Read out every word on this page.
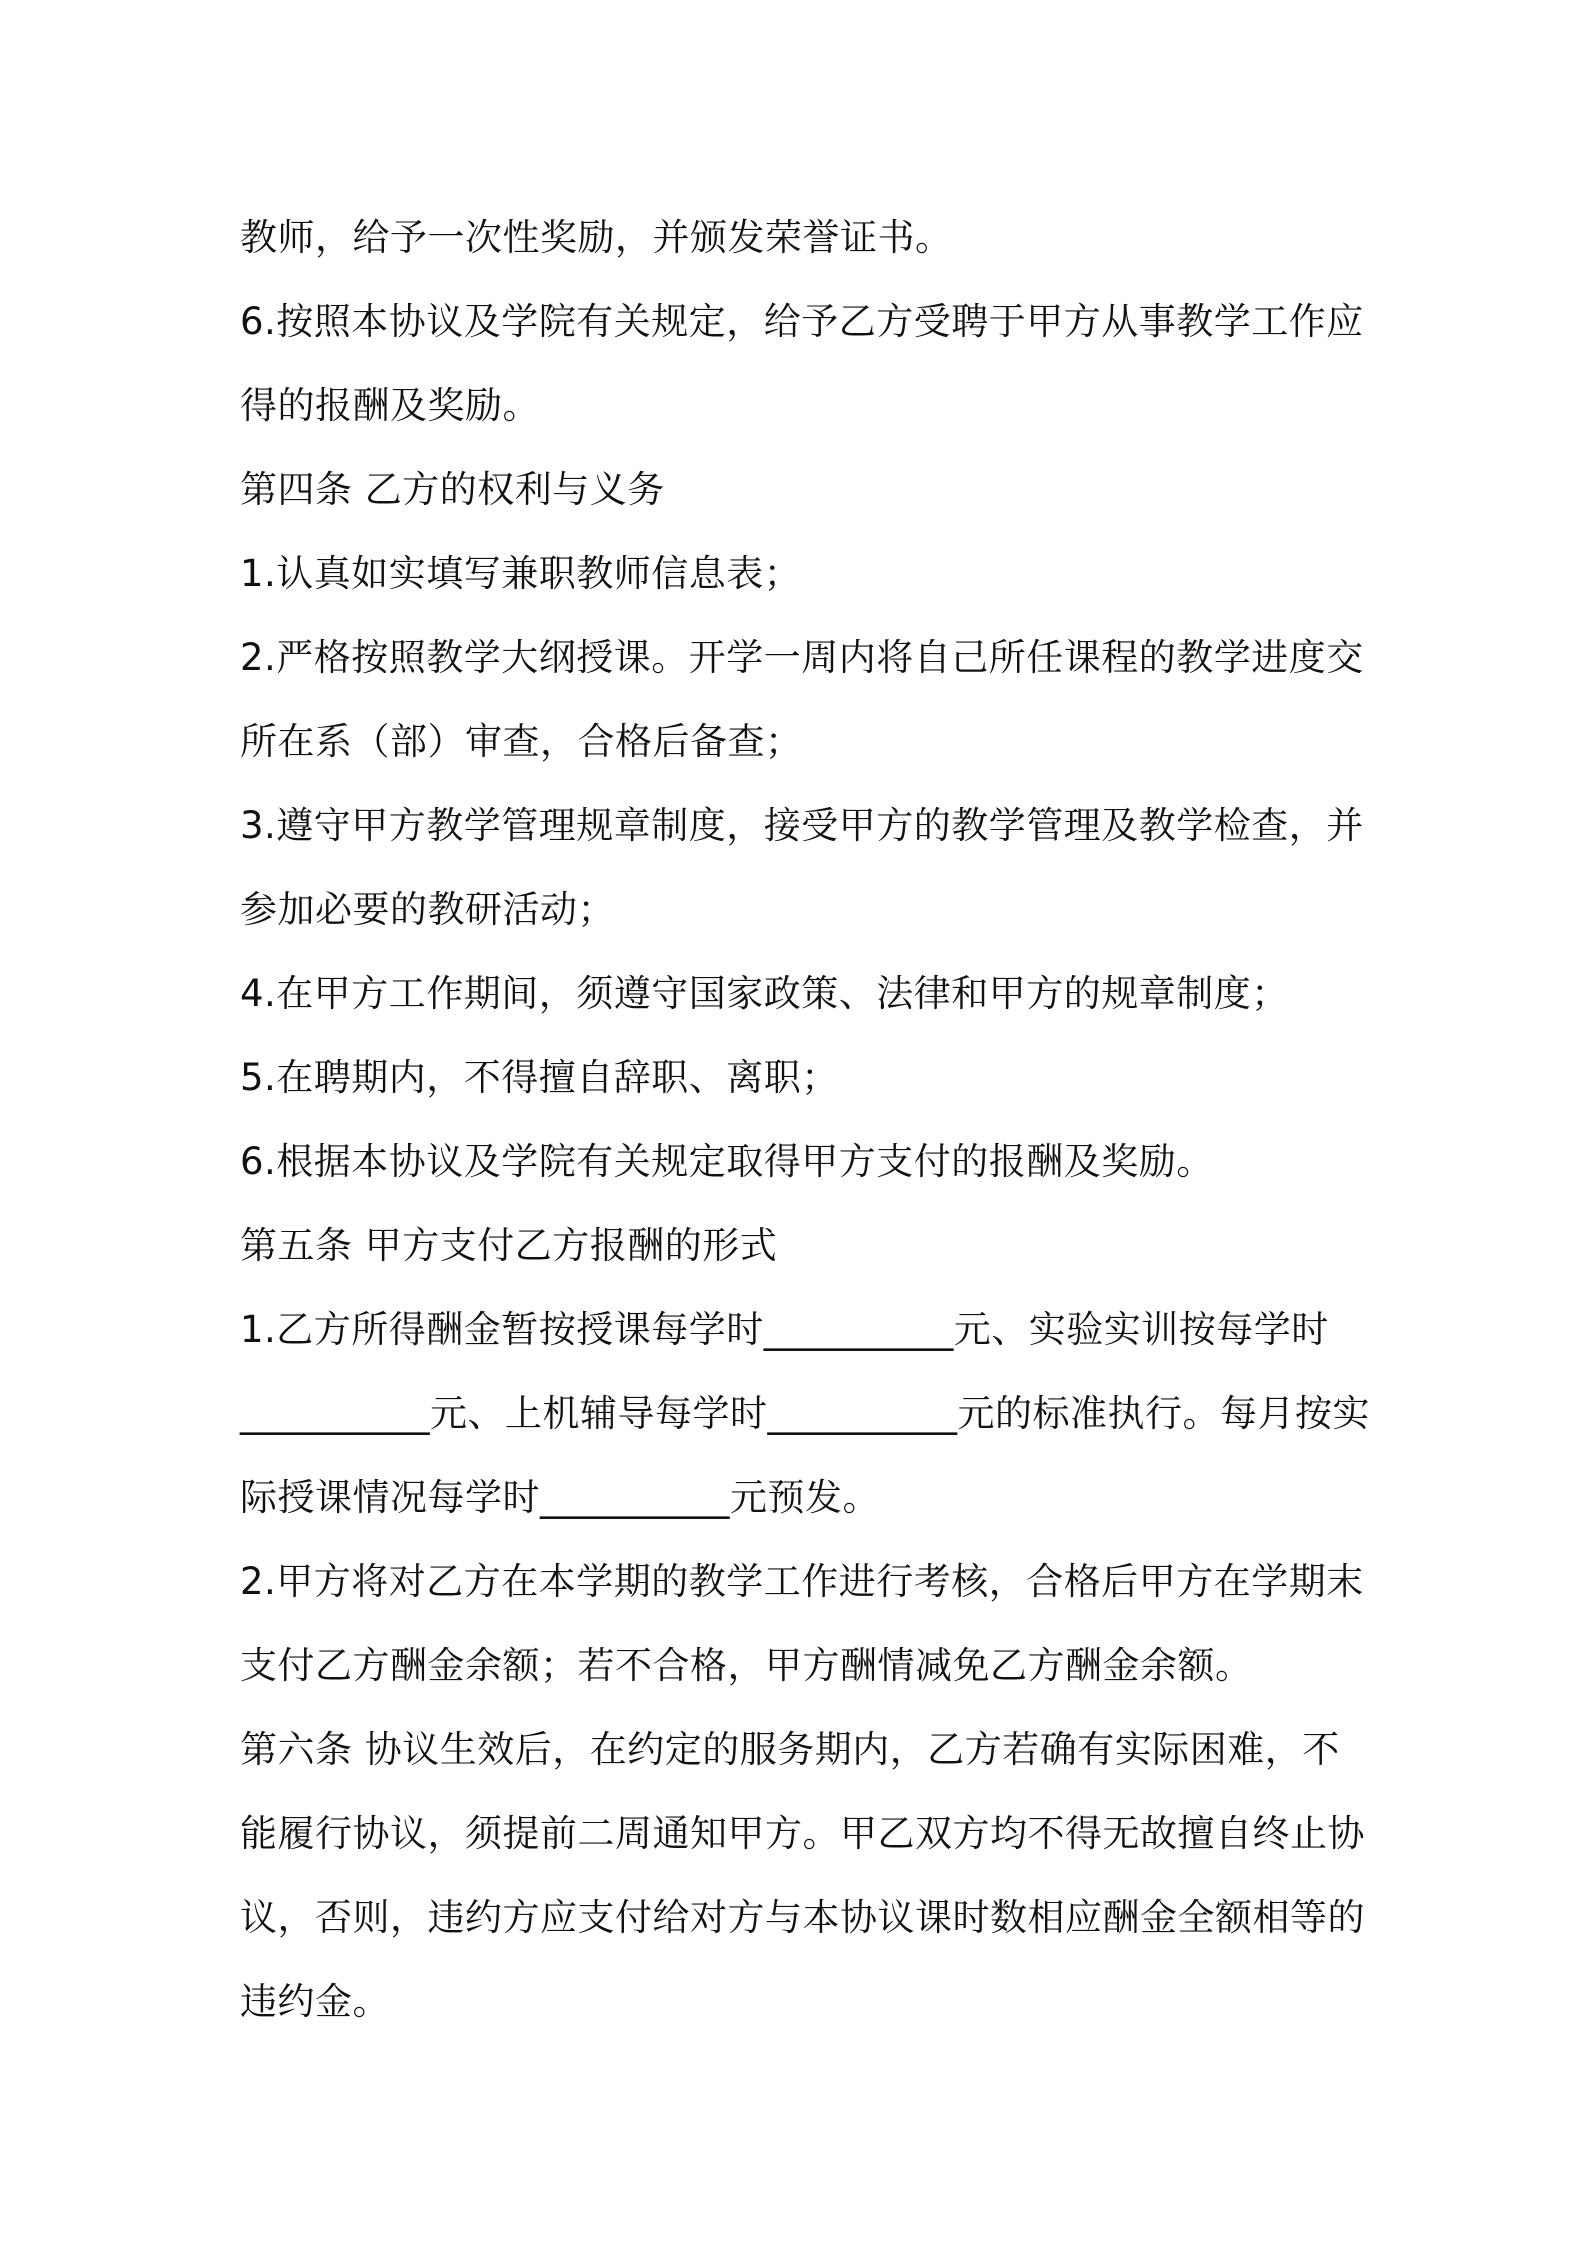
教师，给予一次性奖励，并颁发荣誉证书。
6.按照本协议及学院有关规定，给予乙方受聘于甲方从事教学工作应
得的报酬及奖励。
第四条 乙方的权利与义务
1.认真如实填写兼职教师信息表；
2.严格按照教学大纲授课。开学一周内将自己所任课程的教学进度交
所在系（部）审查，合格后备查；
3.遵守甲方教学管理规章制度，接受甲方的教学管理及教学检查，并
参加必要的教研活动；
4.在甲方工作期间，须遵守国家政策、法律和甲方的规章制度；
5.在聘期内，不得擅自辞职、离职；
6.根据本协议及学院有关规定取得甲方支付的报酬及奖励。
第五条 甲方支付乙方报酬的形式
1.乙方所得酬金暂按授课每学时__________元、实验实训按每学时
__________元、上机辅导每学时__________元的标准执行。每月按实
际授课情况每学时__________元预发。
2.甲方将对乙方在本学期的教学工作进行考核，合格后甲方在学期末
支付乙方酬金余额；若不合格，甲方酬情减免乙方酬金余额。
第六条 协议生效后，在约定的服务期内，乙方若确有实际困难，不
能履行协议，须提前二周通知甲方。甲乙双方均不得无故擅自终止协
议，否则，违约方应支付给对方与本协议课时数相应酬金全额相等的
违约金。
